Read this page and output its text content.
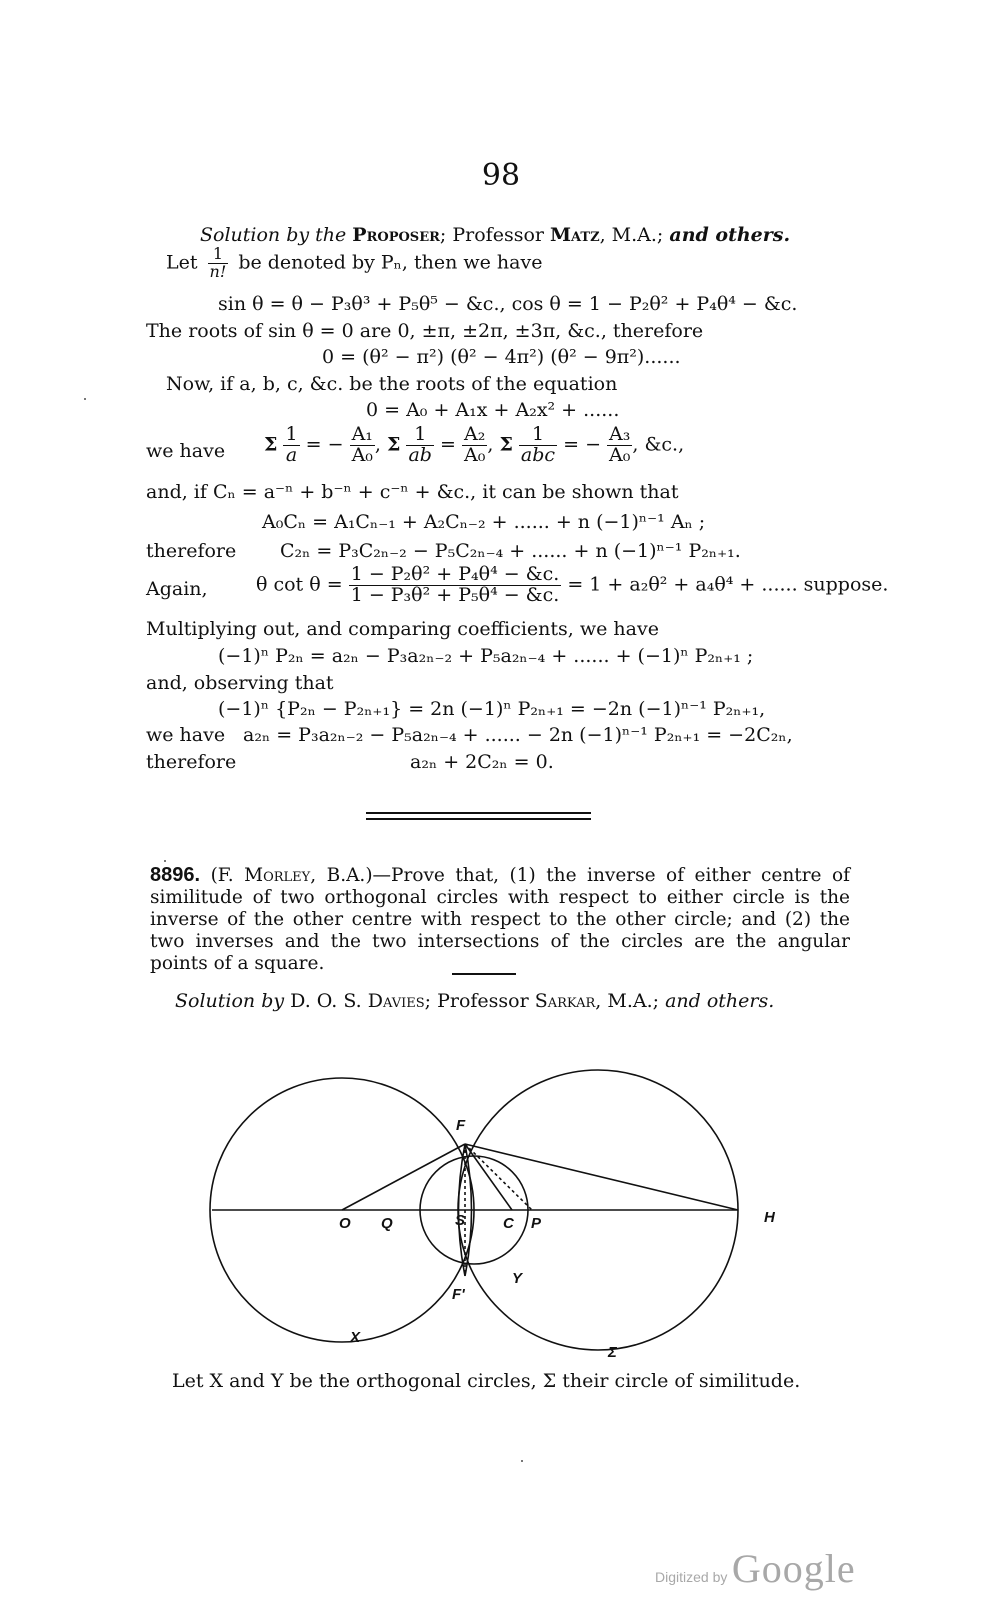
98
Solution by the Proposer; Professor Matz, M.A.; and others.
Let $\frac{1}{n!}$ be denoted by Pₙ, then we have
sin θ = θ − P₃θ³ + P₅θ⁵ − &c., cos θ = 1 − P₂θ² + P₄θ⁴ − &c.
The roots of sin θ = 0 are 0, ±π, ±2π, ±3π, &c., therefore
0 = (θ² − π²) (θ² − 4π²) (θ² − 9π²)......
Now, if a, b, c, &c. be the roots of the equation
0 = A₀ + A₁x + A₂x² + ......
we have Σ $\frac{1}{a}$ = − $\frac{\text{A₁}}{\text{A₀}}$ , Σ $\frac{1}{ab} = \frac{\text{A₂}}{\text{A₀}}$ , Σ $\frac{1}{\text{abc}}$ = − $\frac{\text{A₃}}{\text{A₀}}$ , &c.,
and, if Cₙ = a⁻ⁿ + b⁻ⁿ + c⁻ⁿ + &c., it can be shown that
A₀Cₙ = A₁Cₙ₋₁ + A₂Cₙ₋₂ + ...... + n (−1)ⁿ⁻¹ Aₙ ;
therefore C₂ₙ = P₃C₂ₙ₋₂ − P₅C₂ₙ₋₄ + ...... + n (−1)ⁿ⁻¹ P₂ₙ₊₁.
Again,	θ $\cot \theta = \frac{\text{1 − P₂θ² + P₄θ⁴ − \&c.}}{\text{1 − P₃θ² + P₅θ⁴ − \&c.}} = 1 + a_2\theta^2 + a_4\theta^4$ + ...... suppose.
Multiplying out, and comparing coefficients, we have
(−1)ⁿ P₂ₙ = a₂ₙ − P₃a₂ₙ₋₂ + P₅a₂ₙ₋₄ + ...... + (−1)ⁿ P₂ₙ₊₁ ;
and, observing that
(−1)ⁿ {P₂ₙ − P₂ₙ₊₁} = 2n (−1)ⁿ P₂ₙ₊₁ = −2n (−1)ⁿ⁻¹ P₂ₙ₊₁,
we have a₂ₙ = P₃a₂ₙ₋₂ − P₅a₂ₙ₋₄ + ...... − 2n (−1)ⁿ⁻¹ P₂ₙ₊₁ = −2C₂ₙ,
therefore	a₂ₙ + 2C₂ₙ = 0.
8896. (F. Morley, B.A.)—Prove that, (1) the inverse of either centre of similitude of two orthogonal circles with respect to either circle is the inverse of the other centre with respect to the other circle; and (2) the two inverses and the two intersections of the circles are the angular points of a square.
Solution by D. O. S. Davies; Professor Sarkar, M.A.; and others.
F
F'
O Q	S	C P	H
Y
X
Σ
Let X and Y be the orthogonal circles, Σ their circle of similitude.
Digitized by Google
